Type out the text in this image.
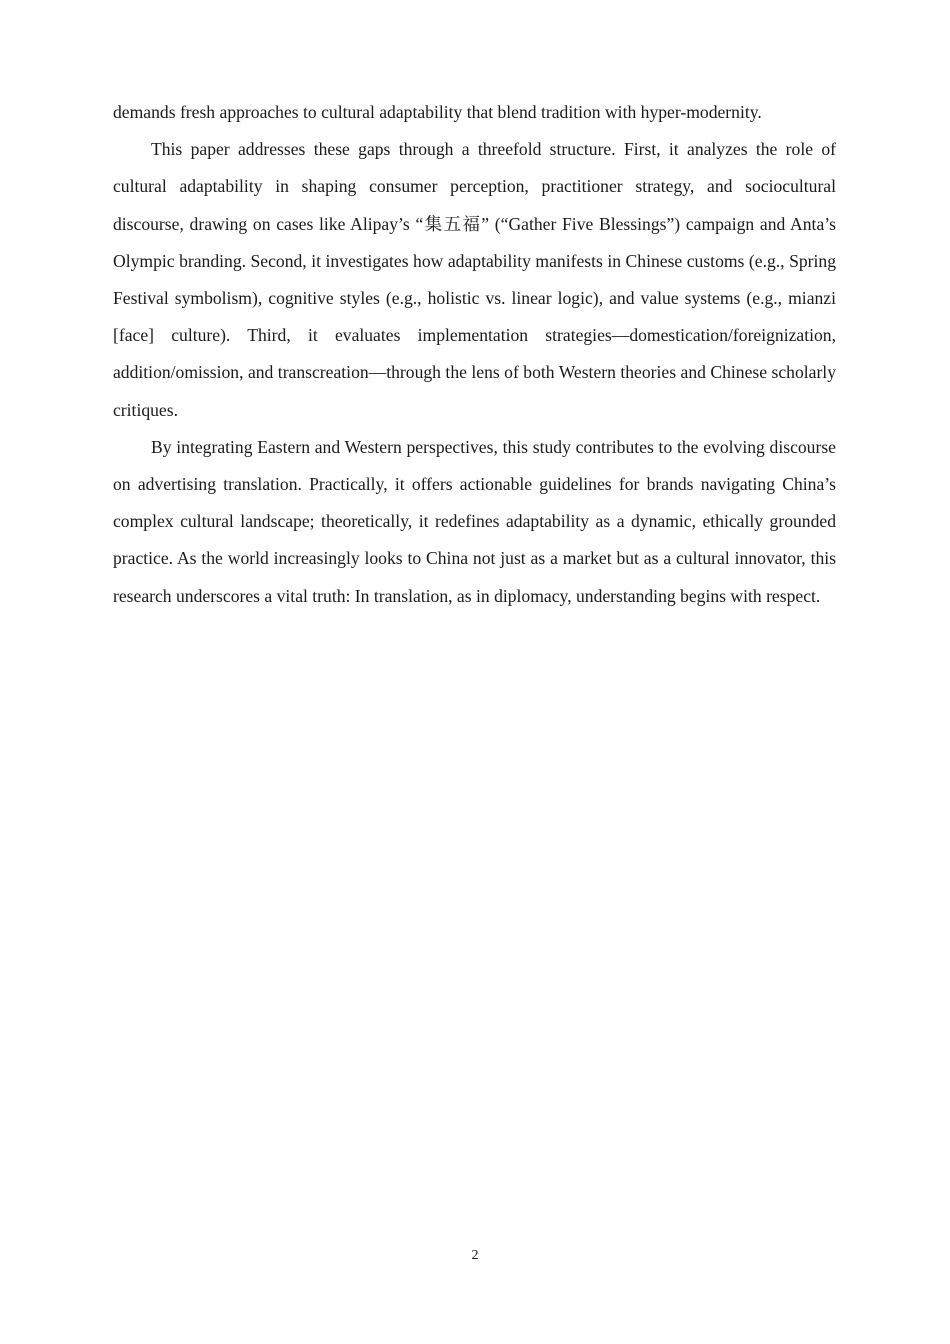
demands fresh approaches to cultural adaptability that blend tradition with hyper-modernity.

This paper addresses these gaps through a threefold structure. First, it analyzes the role of cultural adaptability in shaping consumer perception, practitioner strategy, and sociocultural discourse, drawing on cases like Alipay’s “集五福” (“Gather Five Blessings”) campaign and Anta’s Olympic branding. Second, it investigates how adaptability manifests in Chinese customs (e.g., Spring Festival symbolism), cognitive styles (e.g., holistic vs. linear logic), and value systems (e.g., mianzi [face] culture). Third, it evaluates implementation strategies—domestication/foreignization, addition/omission, and transcreation—through the lens of both Western theories and Chinese scholarly critiques.

By integrating Eastern and Western perspectives, this study contributes to the evolving discourse on advertising translation. Practically, it offers actionable guidelines for brands navigating China’s complex cultural landscape; theoretically, it redefines adaptability as a dynamic, ethically grounded practice. As the world increasingly looks to China not just as a market but as a cultural innovator, this research underscores a vital truth: In translation, as in diplomacy, understanding begins with respect.

2
